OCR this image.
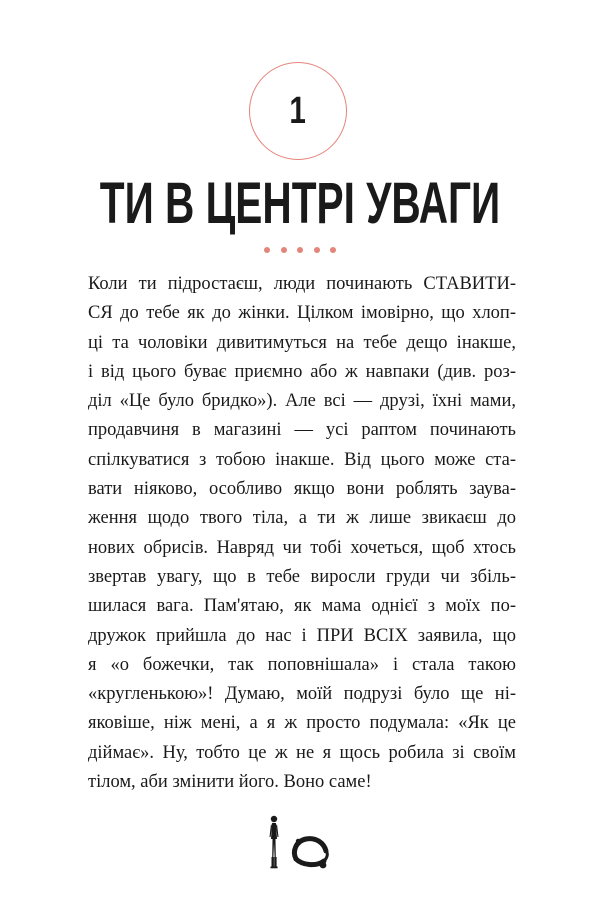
1
ТИ В ЦЕНТРІ УВАГИ
Коли ти підростаєш, люди починають СТАВИТИ-
СЯ до тебе як до жінки. Цілком імовірно, що хлоп-
ці та чоловіки дивитимуться на тебе дещо інакше,
і від цього буває приємно або ж навпаки (див. роз-
діл «Це було бридко»). Але всі — друзі, їхні мами,
продавчиня в магазині — усі раптом починають
спілкуватися з тобою інакше. Від цього може ста-
вати ніяково, особливо якщо вони роблять заува-
ження щодо твого тіла, а ти ж лише звикаєш до
нових обрисів. Навряд чи тобі хочеться, щоб хтось
звертав увагу, що в тебе виросли груди чи збіль-
шилася вага. Пам'ятаю, як мама однієї з моїх по-
дружок прийшла до нас і ПРИ ВСІХ заявила, що
я «о божечки, так поповнішала» і стала такою
«кругленькою»! Думаю, моїй подрузі було ще ні-
яковіше, ніж мені, а я ж просто подумала: «Як це
діймає». Ну, тобто це ж не я щось робила зі своїм
тілом, аби змінити його. Воно саме!
